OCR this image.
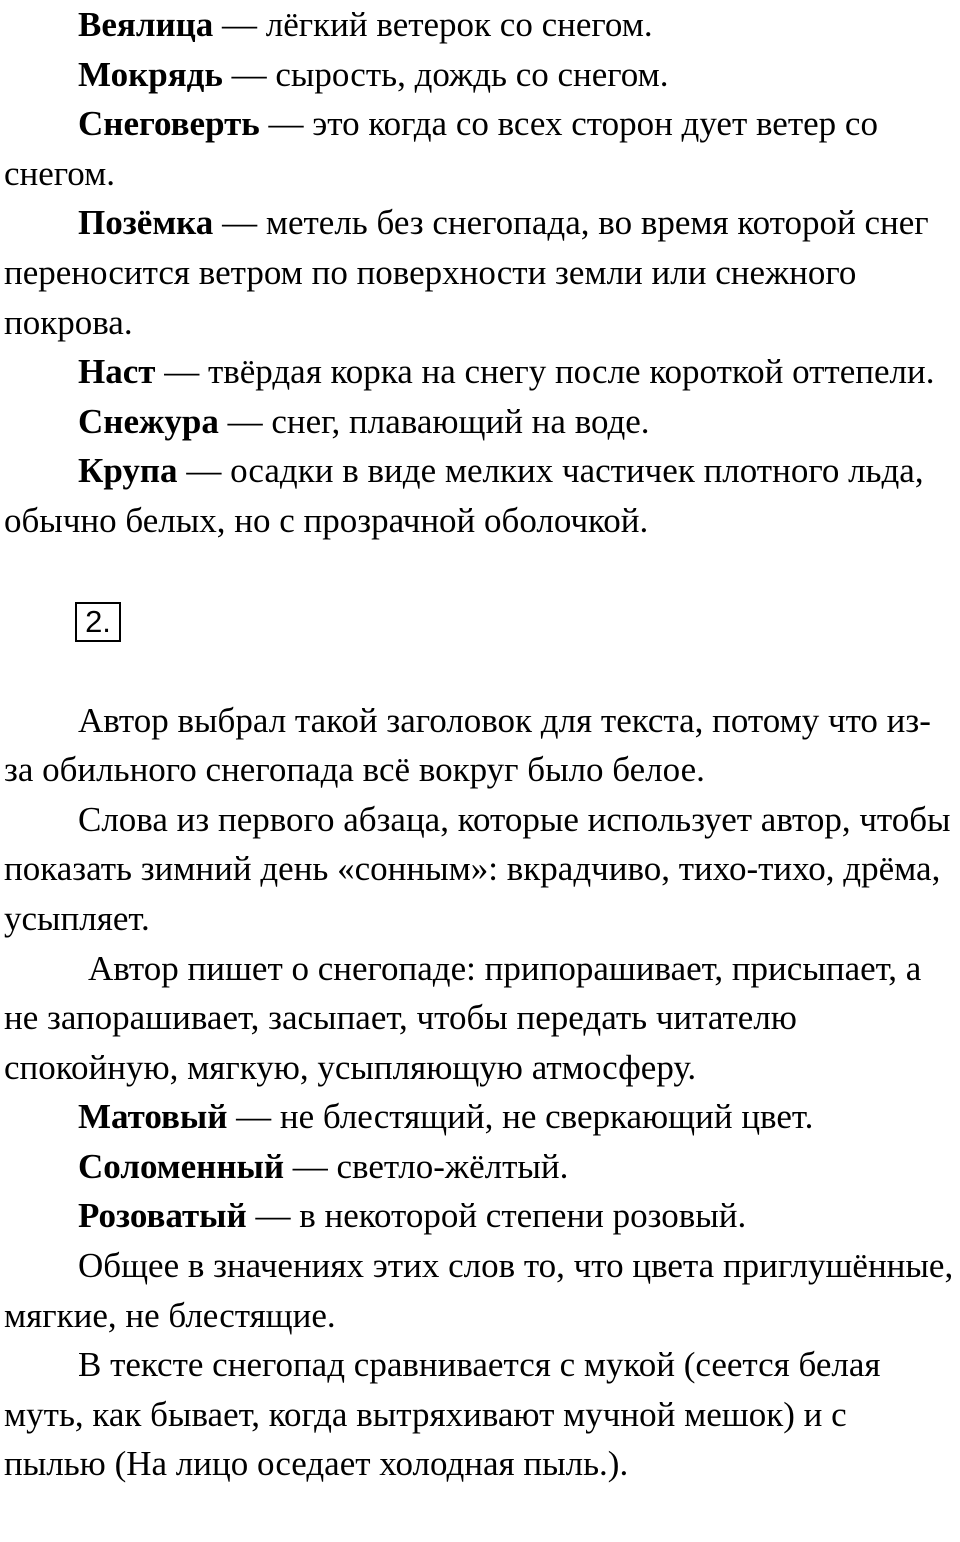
Веялица — лёгкий ветерок со снегом.

Мокрядь — сырость, дождь со снегом.

Снеговерть — это когда со всех сторон дует ветер со снегом.

Позёмка — метель без снегопада, во время которой снег переносится ветром по поверхности земли или снежного покрова.

Наст — твёрдая корка на снегу после короткой оттепели.

Снежура — снег, плавающий на воде.

Крупа — осадки в виде мелких частичек плотного льда, обычно белых, но с прозрачной оболочкой.

2.

Автор выбрал такой заголовок для текста, потому что из-за обильного снегопада всё вокруг было белое.

Слова из первого абзаца, которые использует автор, чтобы показать зимний день «сонным»: вкрадчиво, тихо-тихо, дрёма, усыпляет.

Автор пишет о снегопаде: припорашивает, присыпает, а не запорашивает, засыпает, чтобы передать читателю спокойную, мягкую, усыпляющую атмосферу.

Матовый — не блестящий, не сверкающий цвет.

Соломенный — светло-жёлтый.

Розоватый — в некоторой степени розовый.

Общее в значениях этих слов то, что цвета приглушённые, мягкие, не блестящие.

В тексте снегопад сравнивается с мукой (сеется белая муть, как бывает, когда вытряхивают мучной мешок) и с пылью (На лицо оседает холодная пыль.).
